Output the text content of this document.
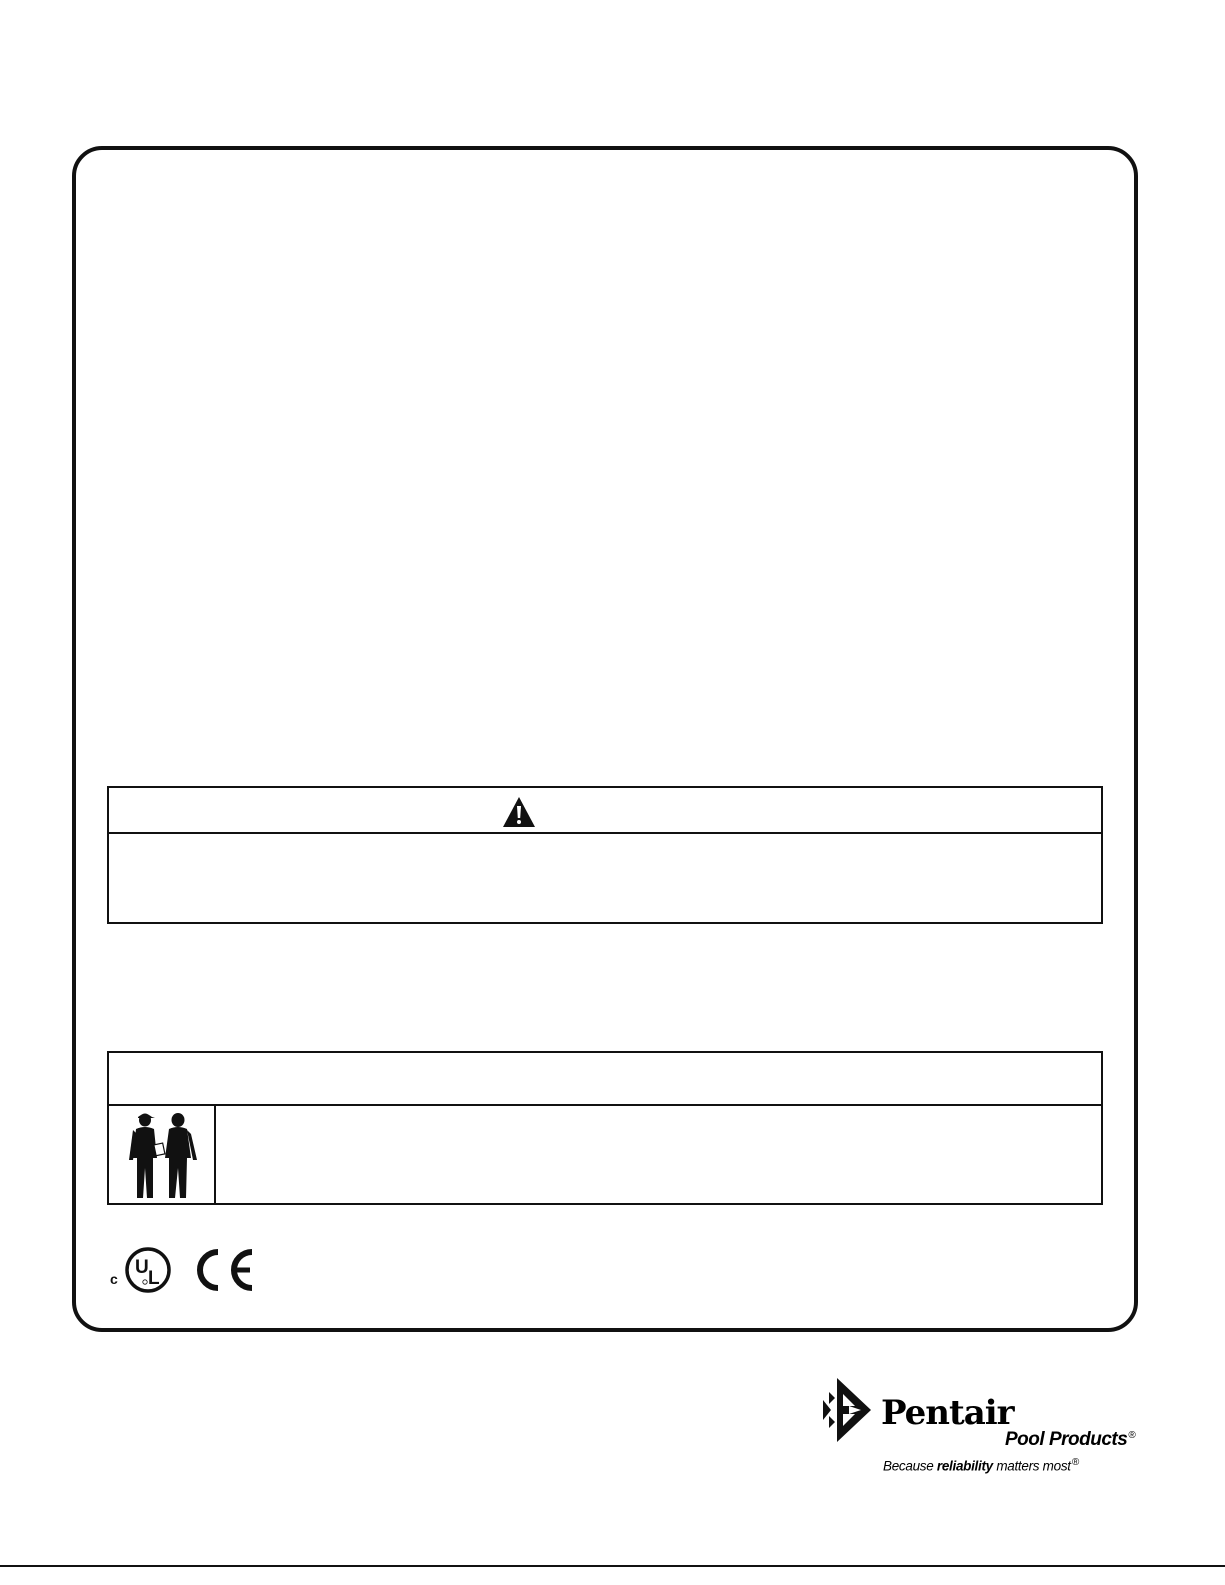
c
U
L
Pentair
Pool Products®
Because reliability matters most®
